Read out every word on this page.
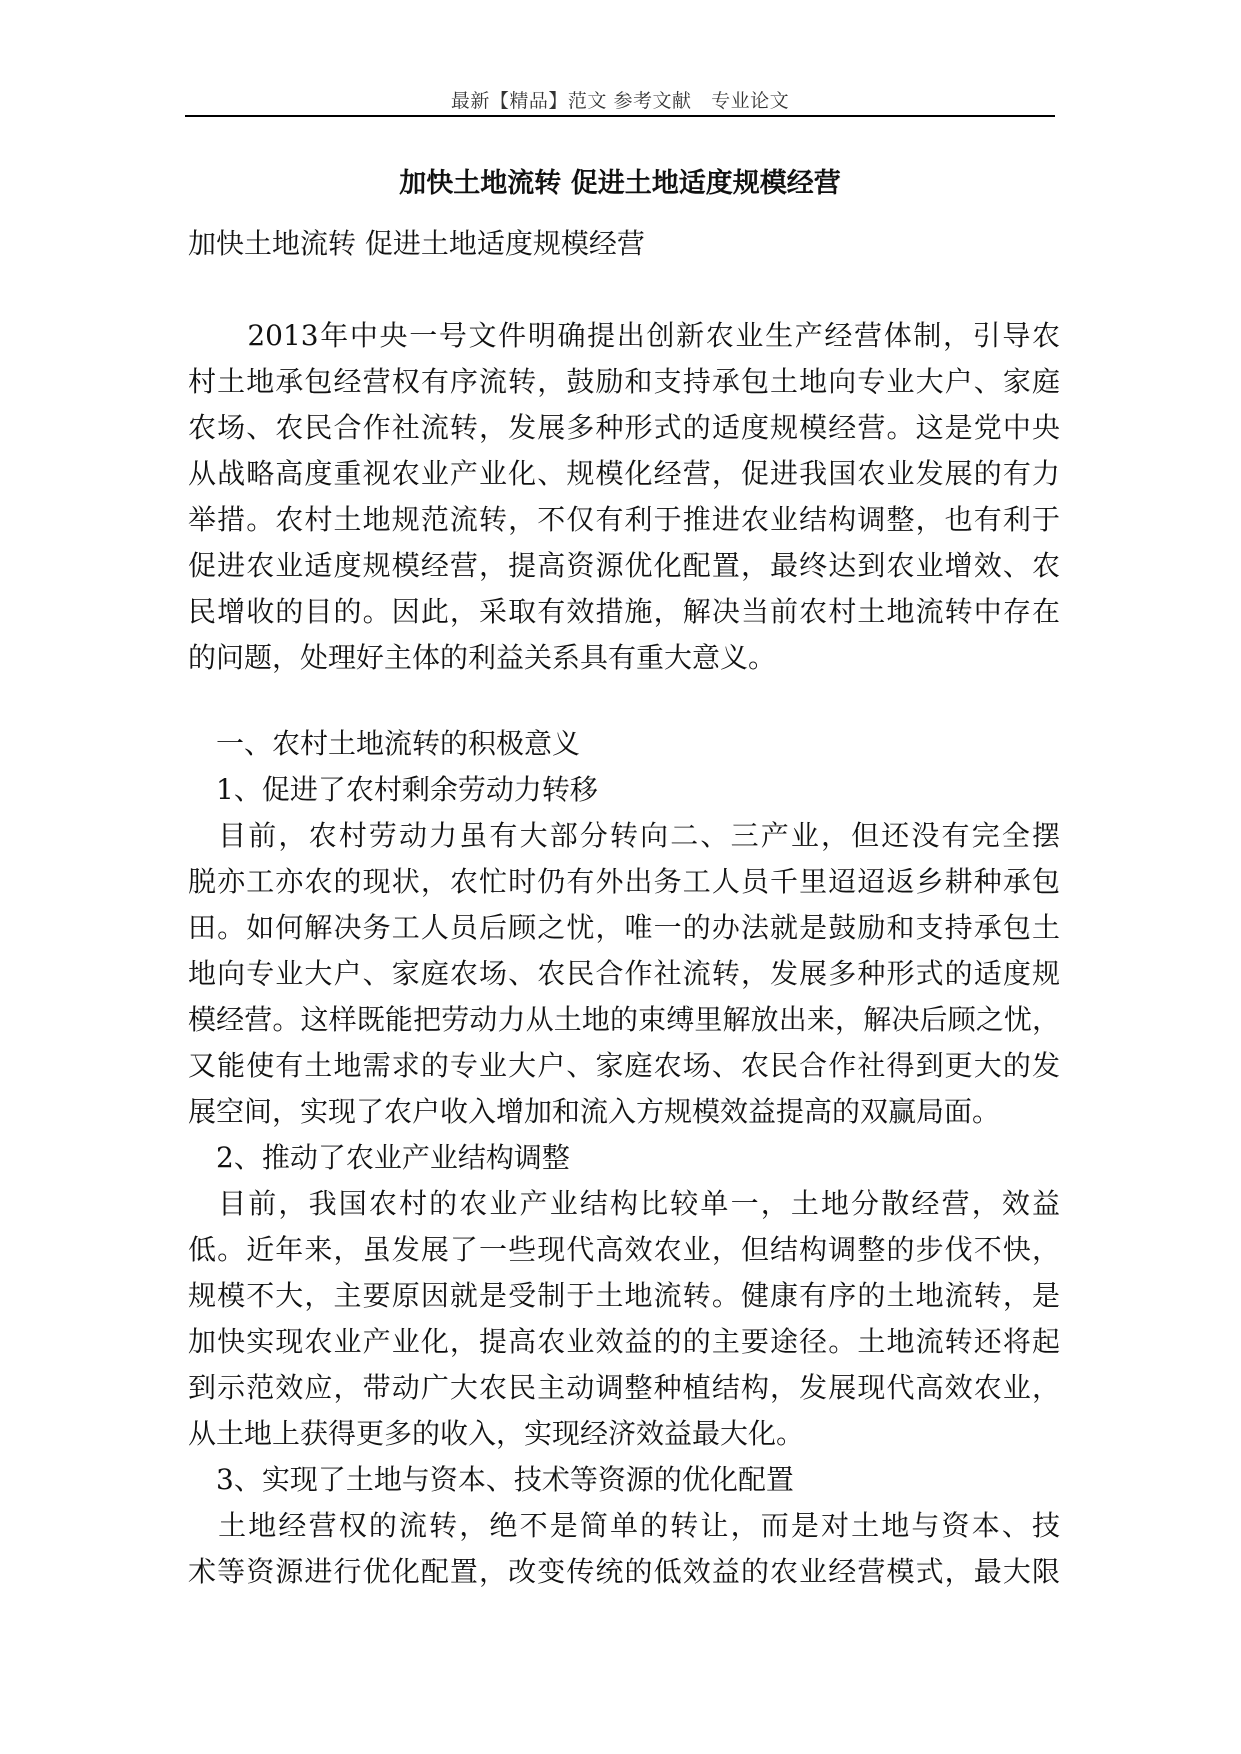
最新【精品】范文 参考文献   专业论文
加快土地流转 促进土地适度规模经营
加快土地流转 促进土地适度规模经营
　　2013年中央一号文件明确提出创新农业生产经营体制，引导农
村土地承包经营权有序流转，鼓励和支持承包土地向专业大户、家庭
农场、农民合作社流转，发展多种形式的适度规模经营。这是党中央
从战略高度重视农业产业化、规模化经营，促进我国农业发展的有力
举措。农村土地规范流转，不仅有利于推进农业结构调整，也有利于
促进农业适度规模经营，提高资源优化配置，最终达到农业增效、农
民增收的目的。因此，采取有效措施，解决当前农村土地流转中存在
的问题，处理好主体的利益关系具有重大意义。
　一、农村土地流转的积极意义
　1、促进了农村剩余劳动力转移
　目前，农村劳动力虽有大部分转向二、三产业，但还没有完全摆
脱亦工亦农的现状，农忙时仍有外出务工人员千里迢迢返乡耕种承包
田。如何解决务工人员后顾之忧，唯一的办法就是鼓励和支持承包土
地向专业大户、家庭农场、农民合作社流转，发展多种形式的适度规
模经营。这样既能把劳动力从土地的束缚里解放出来，解决后顾之忧，
又能使有土地需求的专业大户、家庭农场、农民合作社得到更大的发
展空间，实现了农户收入增加和流入方规模效益提高的双赢局面。
　2、推动了农业产业结构调整
　目前，我国农村的农业产业结构比较单一，土地分散经营，效益
低。近年来，虽发展了一些现代高效农业，但结构调整的步伐不快，
规模不大，主要原因就是受制于土地流转。健康有序的土地流转，是
加快实现农业产业化，提高农业效益的的主要途径。土地流转还将起
到示范效应，带动广大农民主动调整种植结构，发展现代高效农业，
从土地上获得更多的收入，实现经济效益最大化。
　3、实现了土地与资本、技术等资源的优化配置
　土地经营权的流转，绝不是简单的转让，而是对土地与资本、技
术等资源进行优化配置，改变传统的低效益的农业经营模式，最大限
